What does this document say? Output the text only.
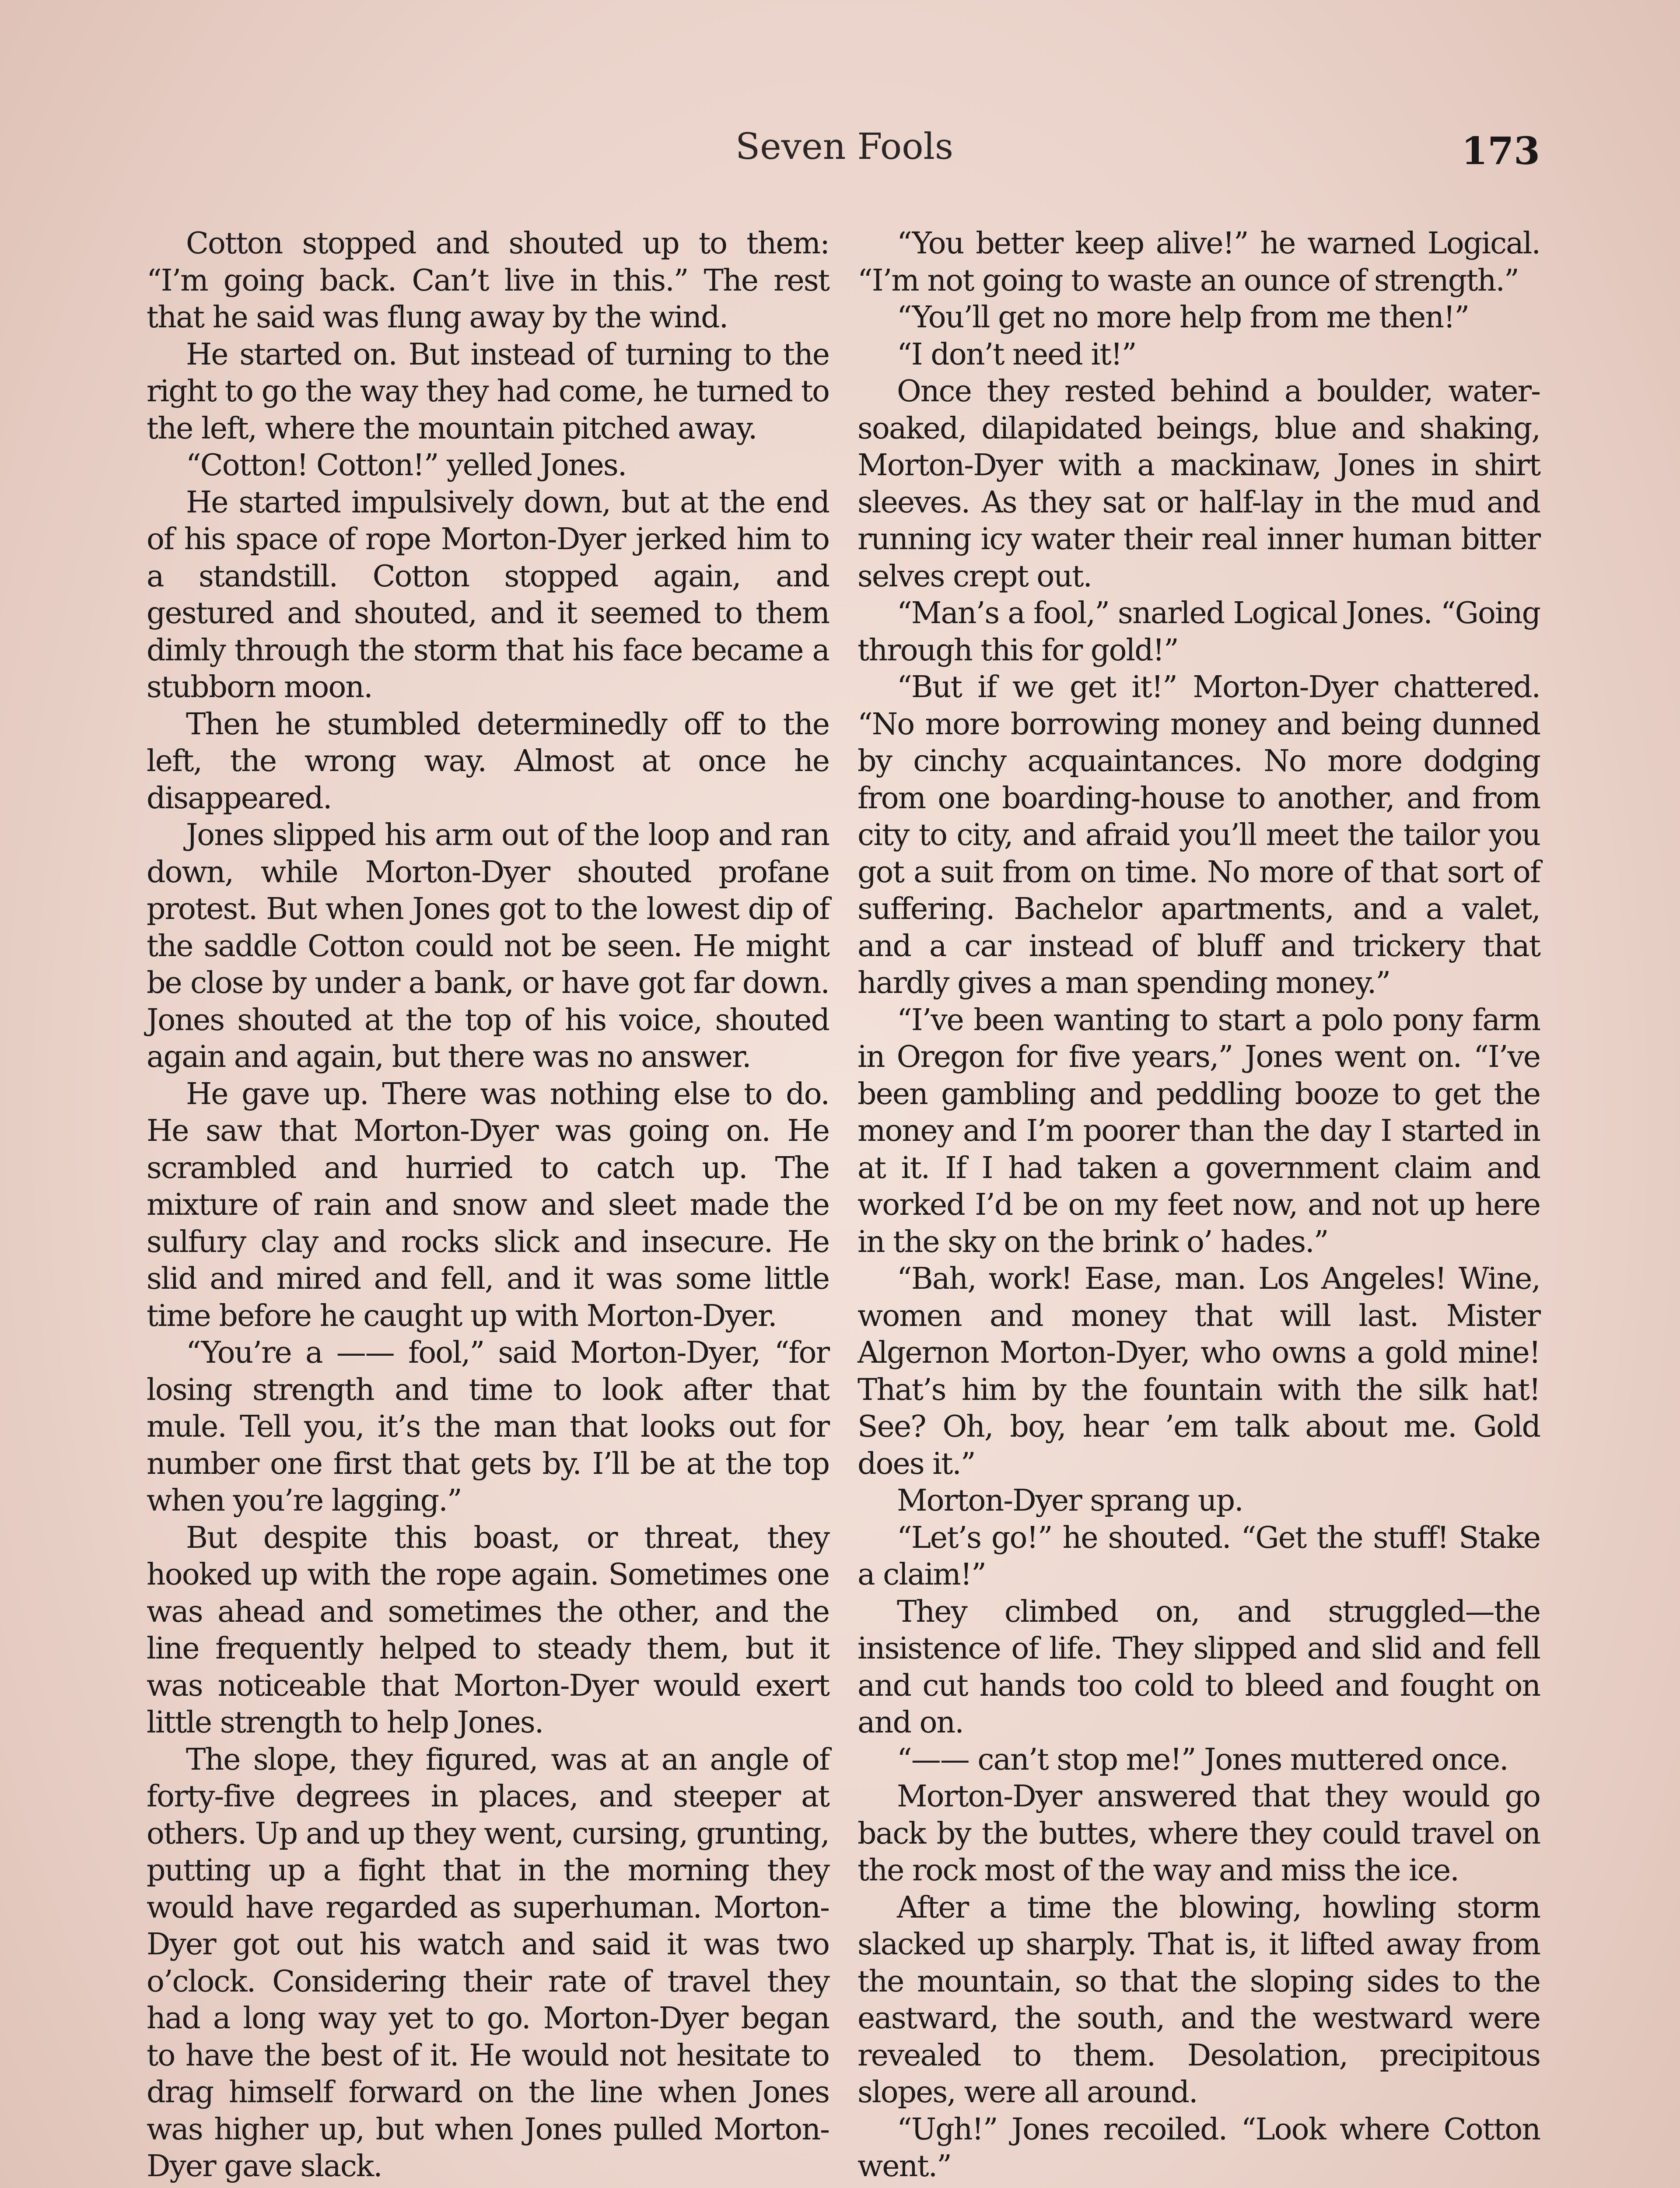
Seven Fools	173

Cotton stopped and shouted up to them: “I’m going back. Can’t live in this.” The rest that he said was flung away by the wind.

He started on. But instead of turning to the right to go the way they had come, he turned to the left, where the mountain pitched away.

“Cotton! Cotton!” yelled Jones.

He started impulsively down, but at the end of his space of rope Morton-Dyer jerked him to a standstill. Cotton stopped again, and gestured and shouted, and it seemed to them dimly through the storm that his face became a stubborn moon.

Then he stumbled determinedly off to the left, the wrong way. Almost at once he disappeared.

Jones slipped his arm out of the loop and ran down, while Morton-Dyer shouted profane protest. But when Jones got to the lowest dip of the saddle Cotton could not be seen. He might be close by under a bank, or have got far down. Jones shouted at the top of his voice, shouted again and again, but there was no answer.

He gave up. There was nothing else to do. He saw that Morton-Dyer was going on. He scrambled and hurried to catch up. The mixture of rain and snow and sleet made the sulfury clay and rocks slick and insecure. He slid and mired and fell, and it was some little time before he caught up with Morton-Dyer.

“You’re a —— fool,” said Morton-Dyer, “for losing strength and time to look after that mule. Tell you, it’s the man that looks out for number one first that gets by. I’ll be at the top when you’re lagging.”

But despite this boast, or threat, they hooked up with the rope again. Sometimes one was ahead and sometimes the other, and the line frequently helped to steady them, but it was noticeable that Morton-Dyer would exert little strength to help Jones.

The slope, they figured, was at an angle of forty-five degrees in places, and steeper at others. Up and up they went, cursing, grunting, putting up a fight that in the morning they would have regarded as superhuman. Morton-Dyer got out his watch and said it was two o’clock. Considering their rate of travel they had a long way yet to go. Morton-Dyer began to have the best of it. He would not hesitate to drag himself forward on the line when Jones was higher up, but when Jones pulled Morton-Dyer gave slack.

“You better keep alive!” he warned Logical. “I’m not going to waste an ounce of strength.”

“You’ll get no more help from me then!”

“I don’t need it!”

Once they rested behind a boulder, water-soaked, dilapidated beings, blue and shaking, Morton-Dyer with a mackinaw, Jones in shirt sleeves. As they sat or half-lay in the mud and running icy water their real inner human bitter selves crept out.

“Man’s a fool,” snarled Logical Jones. “Going through this for gold!”

“But if we get it!” Morton-Dyer chattered. “No more borrowing money and being dunned by cinchy acquaintances. No more dodging from one boarding-house to another, and from city to city, and afraid you’ll meet the tailor you got a suit from on time. No more of that sort of suffering. Bachelor apartments, and a valet, and a car instead of bluff and trickery that hardly gives a man spending money.”

“I’ve been wanting to start a polo pony farm in Oregon for five years,” Jones went on. “I’ve been gambling and peddling booze to get the money and I’m poorer than the day I started in at it. If I had taken a government claim and worked I’d be on my feet now, and not up here in the sky on the brink o’ hades.”

“Bah, work! Ease, man. Los Angeles! Wine, women and money that will last. Mister Algernon Morton-Dyer, who owns a gold mine! That’s him by the fountain with the silk hat! See? Oh, boy, hear ’em talk about me. Gold does it.”

Morton-Dyer sprang up.

“Let’s go!” he shouted. “Get the stuff! Stake a claim!”

They climbed on, and struggled—the insistence of life. They slipped and slid and fell and cut hands too cold to bleed and fought on and on.

“—— can’t stop me!” Jones muttered once.

Morton-Dyer answered that they would go back by the buttes, where they could travel on the rock most of the way and miss the ice.

After a time the blowing, howling storm slacked up sharply. That is, it lifted away from the mountain, so that the sloping sides to the eastward, the south, and the westward were revealed to them. Desolation, precipitous slopes, were all around.

“Ugh!” Jones recoiled. “Look where Cotton went.”
